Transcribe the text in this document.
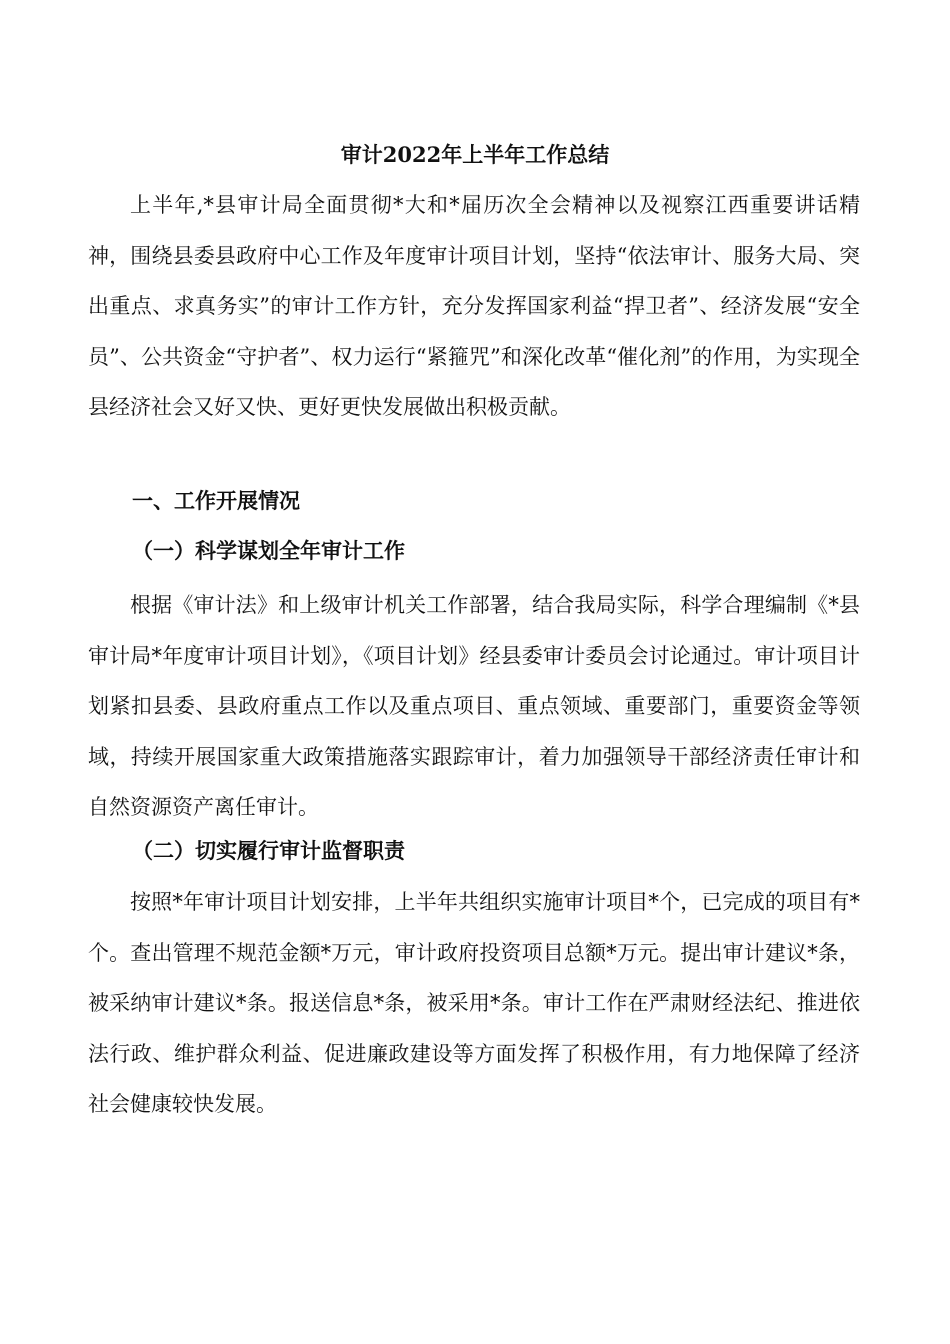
审计2022年上半年工作总结

上半年,*县审计局全面贯彻*大和*届历次全会精神以及视察江西重要讲话精神，围绕县委县政府中心工作及年度审计项目计划，坚持“依法审计、服务大局、突出重点、求真务实”的审计工作方针，充分发挥国家利益“捍卫者”、经济发展“安全员”、公共资金“守护者”、权力运行“紧箍咒”和深化改革“催化剂”的作用，为实现全县经济社会又好又快、更好更快发展做出积极贡献。

一、工作开展情况
（一）科学谋划全年审计工作

根据《审计法》和上级审计机关工作部署，结合我局实际，科学合理编制《*县审计局*年度审计项目计划》，《项目计划》经县委审计委员会讨论通过。审计项目计划紧扣县委、县政府重点工作以及重点项目、重点领域、重要部门，重要资金等领域，持续开展国家重大政策措施落实跟踪审计，着力加强领导干部经济责任审计和自然资源资产离任审计。

（二）切实履行审计监督职责

按照*年审计项目计划安排，上半年共组织实施审计项目*个，已完成的项目有*个。查出管理不规范金额*万元，审计政府投资项目总额*万元。提出审计建议*条，被采纳审计建议*条。报送信息*条，被采用*条。审计工作在严肃财经法纪、推进依法行政、维护群众利益、促进廉政建设等方面发挥了积极作用，有力地保障了经济社会健康较快发展。
